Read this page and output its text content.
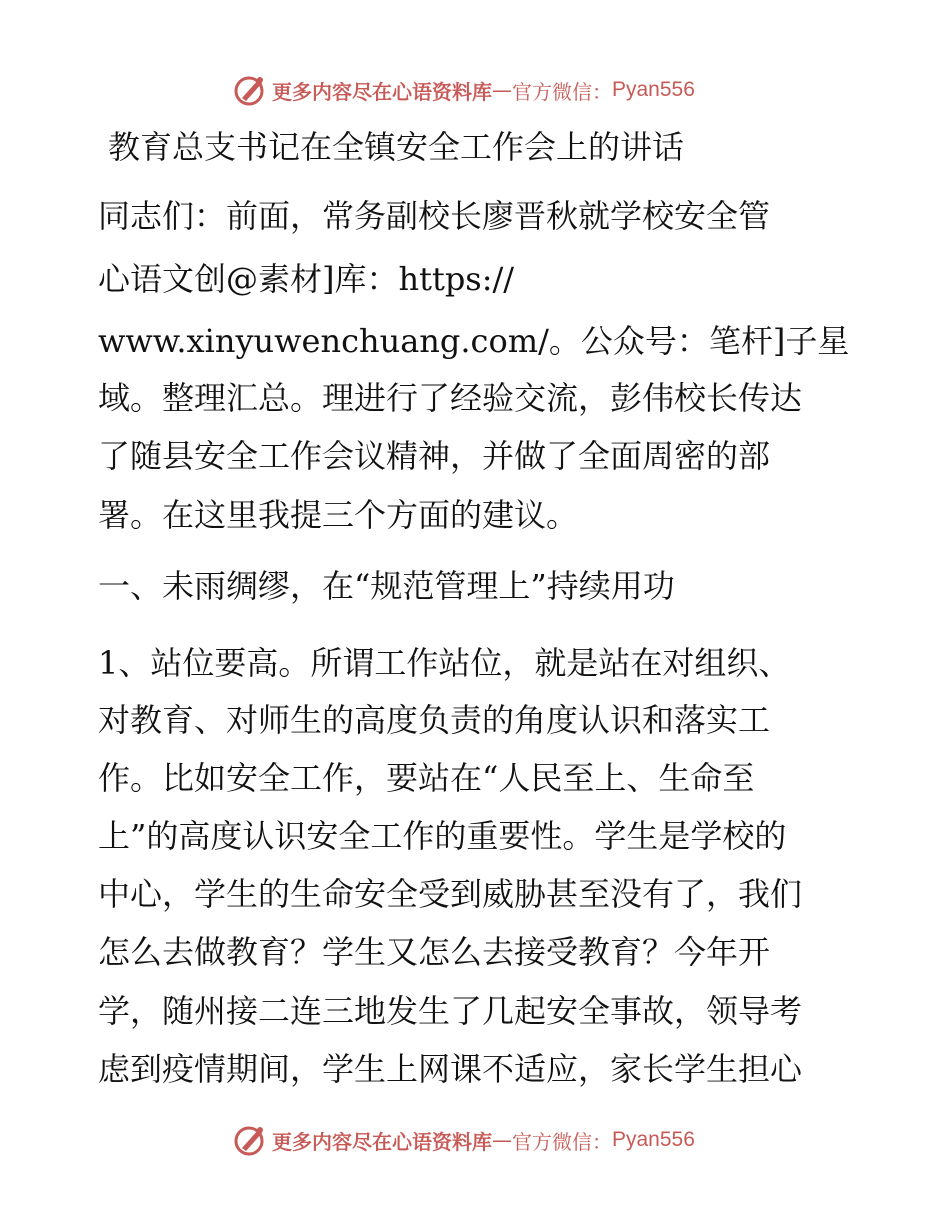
更多内容尽在心语资料库 — 官方微信： Pyan556
教育总支书记在全镇安全工作会上的讲话

同志们：前面，常务副校长廖晋秋就学校安全管

心语文创@素材]库：https://

www.xinyuwenchuang.com/。公众号：笔杆]子星

域。整理汇总。理进行了经验交流，彭伟校长传达

了随县安全工作会议精神，并做了全面周密的部

署。在这里我提三个方面的建议。

一、未雨绸缪，在“规范管理上”持续用功

1、站位要高。所谓工作站位，就是站在对组织、

对教育、对师生的高度负责的角度认识和落实工

作。比如安全工作，要站在“人民至上、生命至

上”的高度认识安全工作的重要性。学生是学校的

中心，学生的生命安全受到威胁甚至没有了，我们

怎么去做教育？学生又怎么去接受教育？今年开

学，随州接二连三地发生了几起安全事故，领导考

虑到疫情期间，学生上网课不适应，家长学生担心

更多内容尽在心语资料库 — 官方微信： Pyan556
